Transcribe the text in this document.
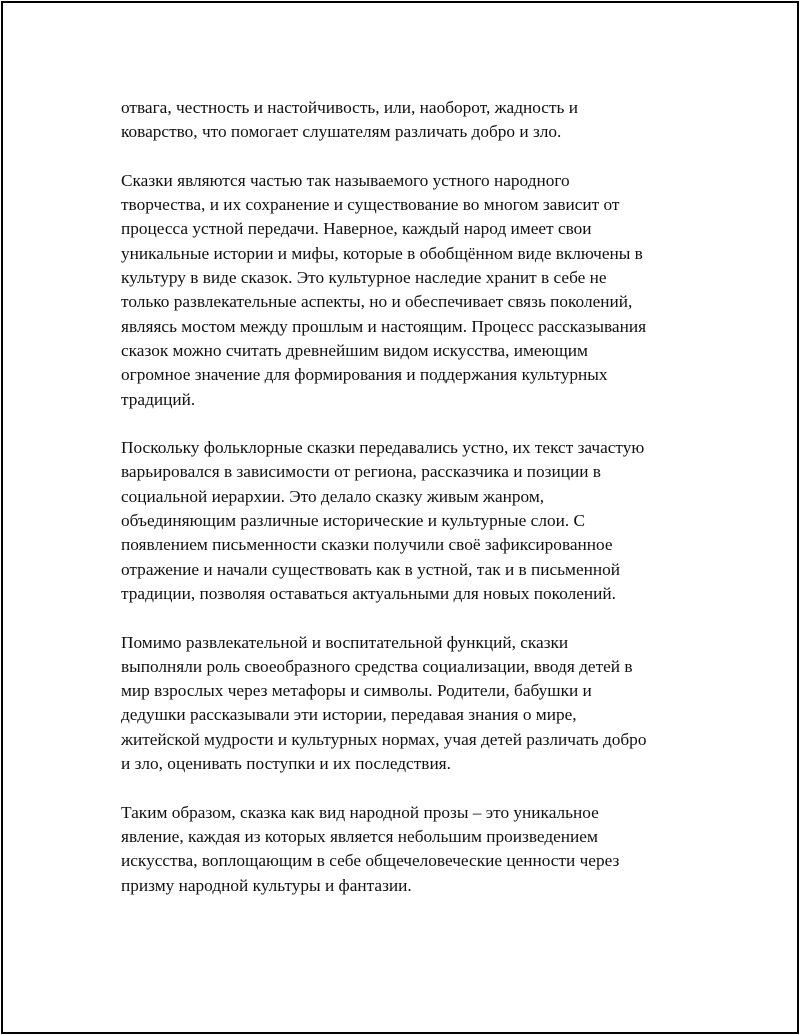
отвага, честность и настойчивость, или, наоборот, жадность и
коварство, что помогает слушателям различать добро и зло.

Сказки являются частью так называемого устного народного
творчества, и их сохранение и существование во многом зависит от
процесса устной передачи. Наверное, каждый народ имеет свои
уникальные истории и мифы, которые в обобщённом виде включены в
культуру в виде сказок. Это культурное наследие хранит в себе не
только развлекательные аспекты, но и обеспечивает связь поколений,
являясь мостом между прошлым и настоящим. Процесс рассказывания
сказок можно считать древнейшим видом искусства, имеющим
огромное значение для формирования и поддержания культурных
традиций.

Поскольку фольклорные сказки передавались устно, их текст зачастую
варьировался в зависимости от региона, рассказчика и позиции в
социальной иерархии. Это делало сказку живым жанром,
объединяющим различные исторические и культурные слои. С
появлением письменности сказки получили своё зафиксированное
отражение и начали существовать как в устной, так и в письменной
традиции, позволяя оставаться актуальными для новых поколений.

Помимо развлекательной и воспитательной функций, сказки
выполняли роль своеобразного средства социализации, вводя детей в
мир взрослых через метафоры и символы. Родители, бабушки и
дедушки рассказывали эти истории, передавая знания о мире,
житейской мудрости и культурных нормах, учая детей различать добро
и зло, оценивать поступки и их последствия.

Таким образом, сказка как вид народной прозы – это уникальное
явление, каждая из которых является небольшим произведением
искусства, воплощающим в себе общечеловеческие ценности через
призму народной культуры и фантазии.
